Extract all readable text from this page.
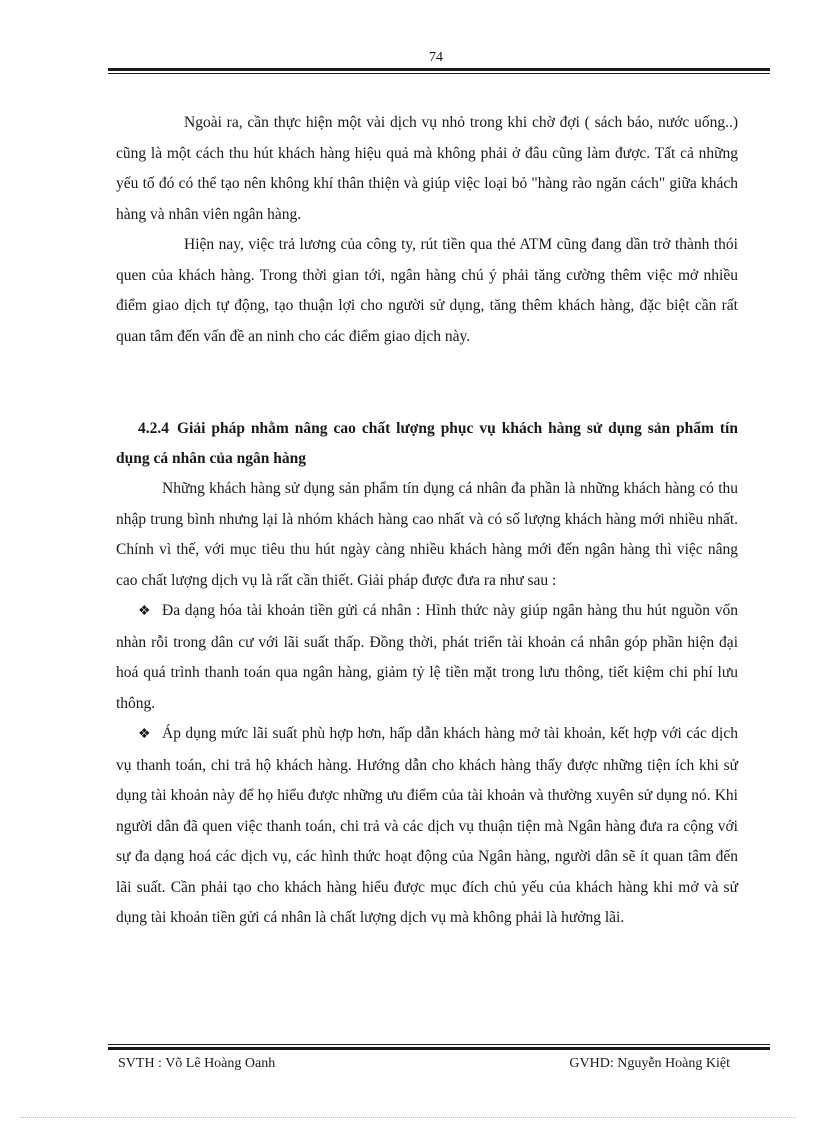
74

Ngoài ra, cần thực hiện một vài dịch vụ nhỏ trong khi chờ đợi ( sách báo, nước uống..) cũng là một cách thu hút khách hàng hiệu quả mà không phải ở đâu cũng làm được. Tất cả những yếu tố đó có thể tạo nên không khí thân thiện và giúp việc loại bỏ "hàng rào ngăn cách" giữa khách hàng và nhân viên ngân hàng.

Hiện nay, việc trả lương của công ty, rút tiền qua thẻ ATM cũng đang dần trở thành thói quen của khách hàng. Trong thời gian tới, ngân hàng chú ý phải tăng cường thêm việc mở nhiều điểm giao dịch tự động, tạo thuận lợi cho người sử dụng, tăng thêm khách hàng, đặc biệt cần rất quan tâm đến vấn đề an ninh cho các điểm giao dịch này.

4.2.4 Giải pháp nhằm nâng cao chất lượng phục vụ khách hàng sử dụng sản phẩm tín dụng cá nhân của ngân hàng

Những khách hàng sử dụng sản phẩm tín dụng cá nhân đa phần là những khách hàng có thu nhập trung bình nhưng lại là nhóm khách hàng cao nhất và có số lượng khách hàng mới nhiều nhất. Chính vì thế, với mục tiêu thu hút ngày càng nhiều khách hàng mới đến ngân hàng thì việc nâng cao chất lượng dịch vụ là rất cần thiết. Giải pháp được đưa ra như sau :

❖ Đa dạng hóa tài khoản tiền gửi cá nhân : Hình thức này giúp ngân hàng thu hút nguồn vốn nhàn rỗi trong dân cư với lãi suất thấp. Đồng thời, phát triển tài khoản cá nhân góp phần hiện đại hoá quá trình thanh toán qua ngân hàng, giảm tỷ lệ tiền mặt trong lưu thông, tiết kiệm chi phí lưu thông.

❖ Áp dụng mức lãi suất phù hợp hơn, hấp dẫn khách hàng mở tài khoản, kết hợp với các dịch vụ thanh toán, chi trả hộ khách hàng. Hướng dẫn cho khách hàng thấy được những tiện ích khi sử dụng tài khoản này để họ hiểu được những ưu điểm của tài khoản và thường xuyên sử dụng nó. Khi người dân đã quen việc thanh toán, chi trả và các dịch vụ thuận tiện mà Ngân hàng đưa ra cộng với sự đa dạng hoá các dịch vụ, các hình thức hoạt động của Ngân hàng, người dân sẽ ít quan tâm đến lãi suất. Cần phải tạo cho khách hàng hiểu được mục đích chủ yếu của khách hàng khi mở và sử dụng tài khoản tiền gửi cá nhân là chất lượng dịch vụ mà không phải là hưởng lãi.

SVTH : Võ Lê Hoàng Oanh	GVHD: Nguyễn Hoàng Kiệt
